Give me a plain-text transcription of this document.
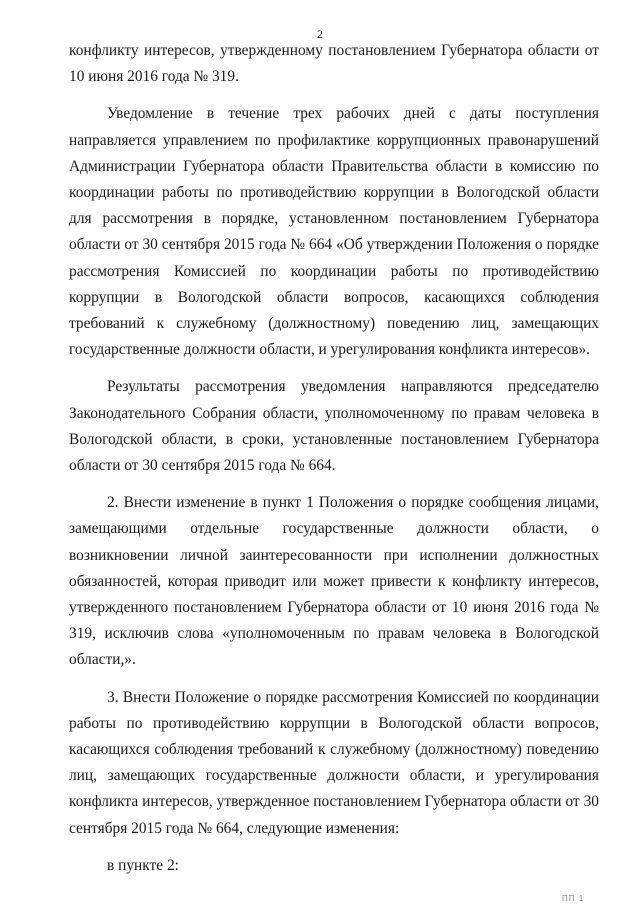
2

конфликту интересов, утвержденному постановлением Губернатора области от 10 июня 2016 года № 319.

Уведомление в течение трех рабочих дней с даты поступления направляется управлением по профилактике коррупционных правонарушений Администрации Губернатора области Правительства области в комиссию по координации работы по противодействию коррупции в Вологодской области для рассмотрения в порядке, установленном постановлением Губернатора области от 30 сентября 2015 года № 664 «Об утверждении Положения о порядке рассмотрения Комиссией по координации работы по противодействию коррупции в Вологодской области вопросов, касающихся соблюдения требований к служебному (должностному) поведению лиц, замещающих государственные должности области, и урегулирования конфликта интересов».

Результаты рассмотрения уведомления направляются председателю Законодательного Собрания области, уполномоченному по правам человека в Вологодской области, в сроки, установленные постановлением Губернатора области от 30 сентября 2015 года № 664.

2. Внести изменение в пункт 1 Положения о порядке сообщения лицами, замещающими отдельные государственные должности области, о возникновении личной заинтересованности при исполнении должностных обязанностей, которая приводит или может привести к конфликту интересов, утвержденного постановлением Губернатора области от 10 июня 2016 года № 319, исключив слова «уполномоченным по правам человека в Вологодской области,».

3. Внести Положение о порядке рассмотрения Комиссией по координации работы по противодействию коррупции в Вологодской области вопросов, касающихся соблюдения требований к служебному (должностному) поведению лиц, замещающих государственные должности области, и урегулирования конфликта интересов, утвержденное постановлением Губернатора области от 30 сентября 2015 года № 664, следующие изменения:

в пункте 2:

ПП 1
